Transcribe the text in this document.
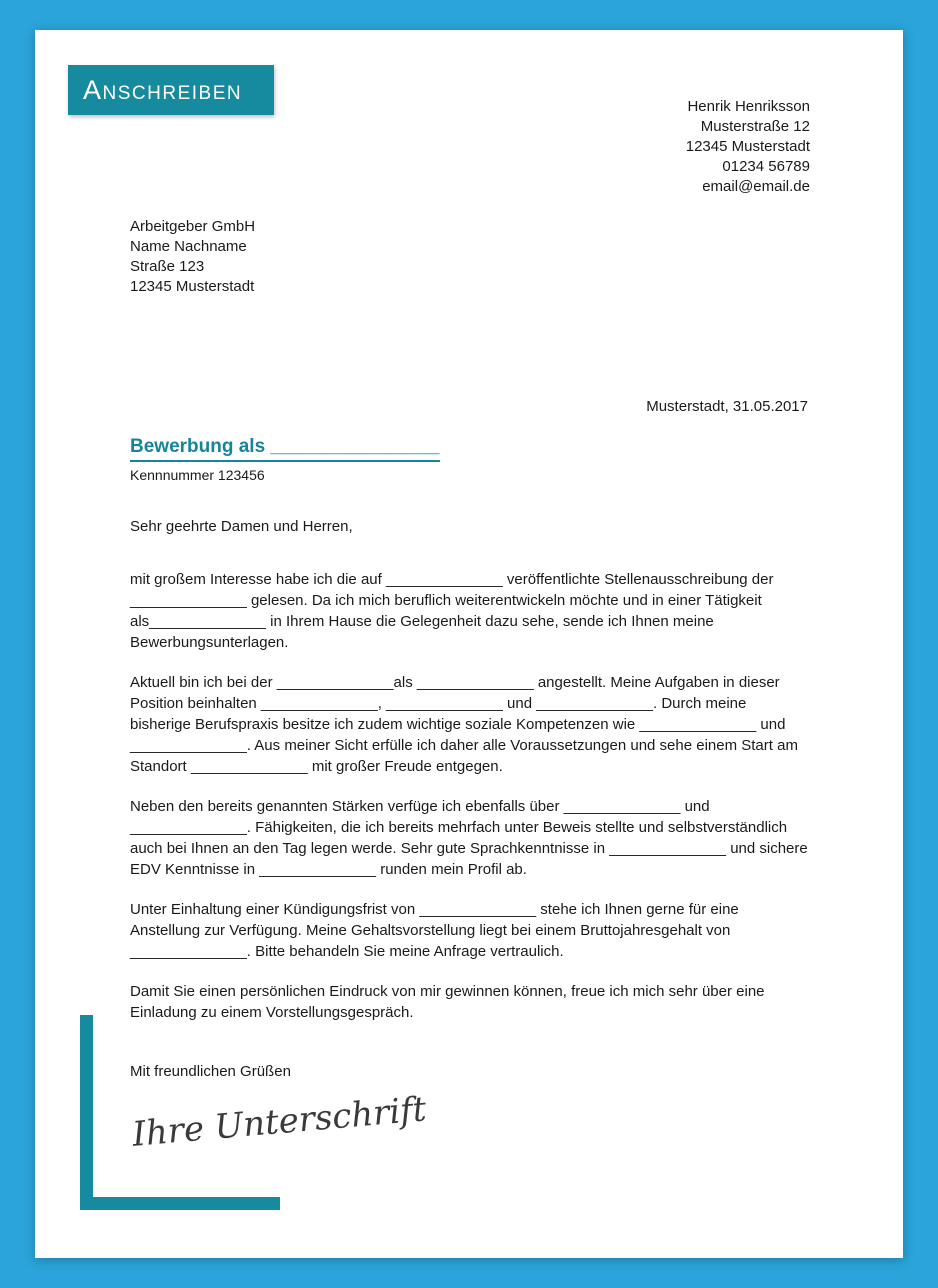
ANSCHREIBEN
Henrik Henriksson
Musterstraße 12
12345 Musterstadt
01234 56789
email@email.de
Arbeitgeber GmbH
Name Nachname
Straße 123
12345 Musterstadt
Musterstadt, 31.05.2017
Bewerbung als ________________
Kennnummer 123456
Sehr geehrte Damen und Herren,

mit großem Interesse habe ich die auf ______________ veröffentlichte Stellenausschreibung der ______________ gelesen. Da ich mich beruflich weiterentwickeln möchte und in einer Tätigkeit als______________ in Ihrem Hause die Gelegenheit dazu sehe, sende ich Ihnen meine Bewerbungsunterlagen.

Aktuell bin ich bei der ______________als ______________ angestellt. Meine Aufgaben in dieser Position beinhalten ______________, ______________ und ______________. Durch meine bisherige Berufspraxis besitze ich zudem wichtige soziale Kompetenzen wie ______________ und ______________. Aus meiner Sicht erfülle ich daher alle Voraussetzungen und sehe einem Start am Standort ______________ mit großer Freude entgegen.

Neben den bereits genannten Stärken verfüge ich ebenfalls über ______________ und ______________. Fähigkeiten, die ich bereits mehrfach unter Beweis stellte und selbstverständlich auch bei Ihnen an den Tag legen werde. Sehr gute Sprachkenntnisse in ______________ und sichere EDV Kenntnisse in ______________ runden mein Profil ab.

Unter Einhaltung einer Kündigungsfrist von ______________ stehe ich Ihnen gerne für eine Anstellung zur Verfügung. Meine Gehaltsvorstellung liegt bei einem Bruttojahresgehalt von ______________. Bitte behandeln Sie meine Anfrage vertraulich.

Damit Sie einen persönlichen Eindruck von mir gewinnen können, freue ich mich sehr über eine Einladung zu einem Vorstellungsgespräch.

Mit freundlichen Grüßen
Ihre Unterschrift
